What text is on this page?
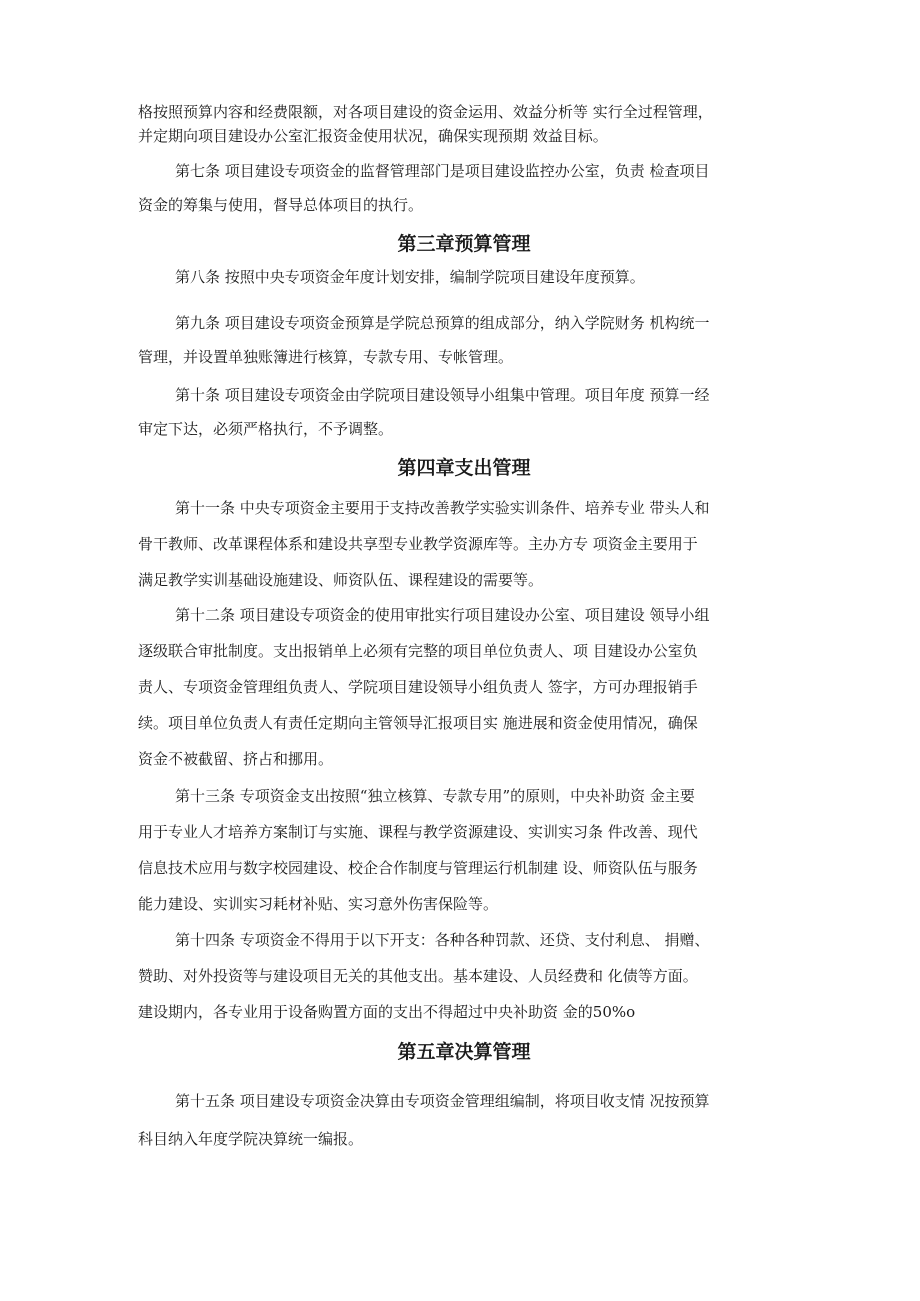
格按照预算内容和经费限额，对各项目建设的资金运用、效益分析等 实行全过程管理，
并定期向项目建设办公室汇报资金使用状况，确保实现预期 效益目标。
第七条 项目建设专项资金的监督管理部门是项目建设监控办公室，负责 检查项目
资金的筹集与使用，督导总体项目的执行。
第三章预算管理
第八条 按照中央专项资金年度计划安排，编制学院项目建设年度预算。
第九条 项目建设专项资金预算是学院总预算的组成部分，纳入学院财务 机构统一
管理，并设置单独账簿进行核算，专款专用、专帐管理。
第十条 项目建设专项资金由学院项目建设领导小组集中管理。项目年度 预算一经
审定下达，必须严格执行，不予调整。
第四章支出管理
第十一条 中央专项资金主要用于支持改善教学实验实训条件、培养专业 带头人和
骨干教师、改革课程体系和建设共享型专业教学资源库等。主办方专 项资金主要用于
满足教学实训基础设施建设、师资队伍、课程建设的需要等。
第十二条 项目建设专项资金的使用审批实行项目建设办公室、项目建设 领导小组
逐级联合审批制度。支出报销单上必须有完整的项目单位负责人、项 目建设办公室负
责人、专项资金管理组负责人、学院项目建设领导小组负责人 签字，方可办理报销手
续。项目单位负责人有责任定期向主管领导汇报项目实 施进展和资金使用情况，确保
资金不被截留、挤占和挪用。
第十三条 专项资金支出按照“独立核算、专款专用”的原则，中央补助资 金主要
用于专业人才培养方案制订与实施、课程与教学资源建设、实训实习条 件改善、现代
信息技术应用与数字校园建设、校企合作制度与管理运行机制建 设、师资队伍与服务
能力建设、实训实习耗材补贴、实习意外伤害保险等。
第十四条 专项资金不得用于以下开支：各种各种罚款、还贷、支付利息、 捐赠、
赞助、对外投资等与建设项目无关的其他支出。基本建设、人员经费和 化债等方面。
建设期内，各专业用于设备购置方面的支出不得超过中央补助资 金的50%o
第五章决算管理
第十五条 项目建设专项资金决算由专项资金管理组编制，将项目收支情 况按预算
科目纳入年度学院决算统一编报。
